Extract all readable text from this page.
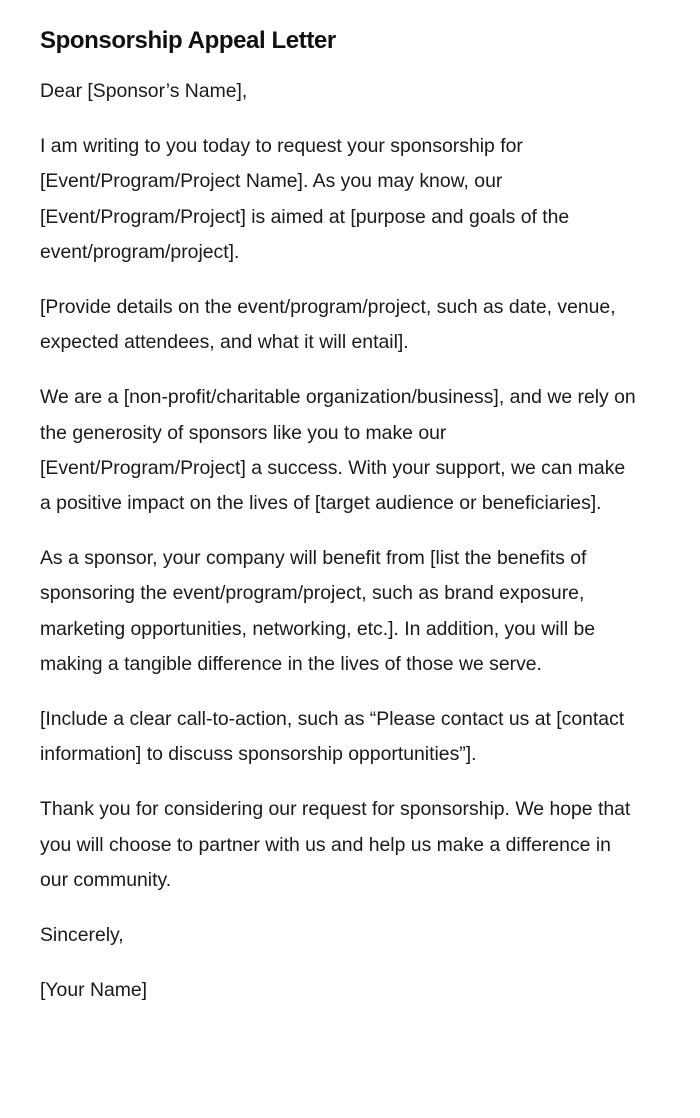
Sponsorship Appeal Letter

Dear [Sponsor’s Name],

I am writing to you today to request your sponsorship for [Event/Program/Project Name]. As you may know, our [Event/Program/Project] is aimed at [purpose and goals of the event/program/project].

[Provide details on the event/program/project, such as date, venue, expected attendees, and what it will entail].

We are a [non-profit/charitable organization/business], and we rely on the generosity of sponsors like you to make our [Event/Program/Project] a success. With your support, we can make a positive impact on the lives of [target audience or beneficiaries].

As a sponsor, your company will benefit from [list the benefits of sponsoring the event/program/project, such as brand exposure, marketing opportunities, networking, etc.]. In addition, you will be making a tangible difference in the lives of those we serve.

[Include a clear call-to-action, such as “Please contact us at [contact information] to discuss sponsorship opportunities”].

Thank you for considering our request for sponsorship. We hope that you will choose to partner with us and help us make a difference in our community.

Sincerely,

[Your Name]
